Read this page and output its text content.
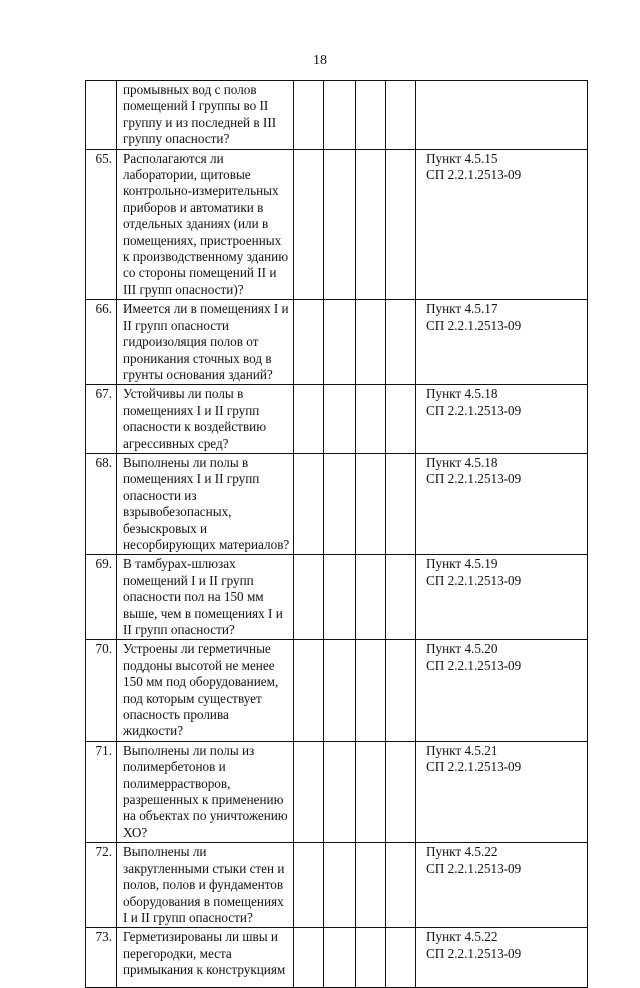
18
	промывных вод с полов помещений I группы во II группу и из последней в III группу опасности?					

65.	Располагаются ли лаборатории, щитовые контрольно-измерительных приборов и автоматики в отдельных зданиях (или в помещениях, пристроенных к производственному зданию со стороны помещений II и III групп опасности)?					Пункт 4.5.15
СП 2.2.1.2513-09

66.	Имеется ли в помещениях I и II групп опасности гидроизоляция полов от проникания сточных вод в грунты основания зданий?					Пункт 4.5.17
СП 2.2.1.2513-09

67.	Устойчивы ли полы в помещениях I и II групп опасности к воздействию агрессивных сред?					Пункт 4.5.18
СП 2.2.1.2513-09

68.	Выполнены ли полы в помещениях I и II групп опасности из взрывобезопасных, безыскровых и несорбирующих материалов?					Пункт 4.5.18
СП 2.2.1.2513-09

69.	В тамбурах-шлюзах помещений I и II групп опасности пол на 150 мм выше, чем в помещениях I и II групп опасности?					Пункт 4.5.19
СП 2.2.1.2513-09

70.	Устроены ли герметичные поддоны высотой не менее 150 мм под оборудованием, под которым существует опасность пролива жидкости?					Пункт 4.5.20
СП 2.2.1.2513-09

71.	Выполнены ли полы из полимербетонов и полимеррастворов, разрешенных к применению на объектах по уничтожению ХО?					Пункт 4.5.21
СП 2.2.1.2513-09

72.	Выполнены ли закругленными стыки стен и полов, полов и фундаментов оборудования в помещениях I и II групп опасности?					Пункт 4.5.22
СП 2.2.1.2513-09

73.	Герметизированы ли швы и перегородки, места примыкания к конструкциям					Пункт 4.5.22
СП 2.2.1.2513-09
